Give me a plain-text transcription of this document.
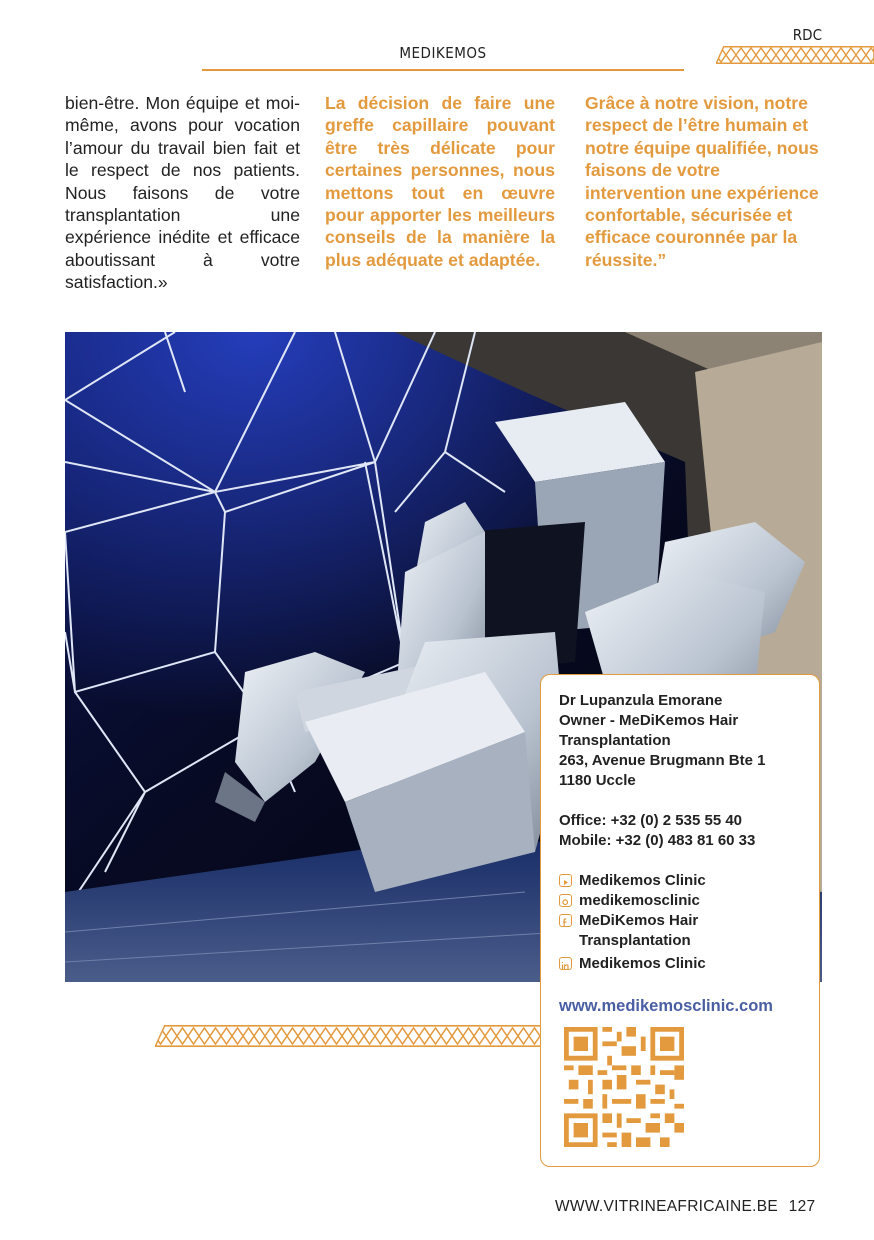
MEDIKEMOS
RDC
bien-être. Mon équipe et moi-même, avons pour vocation l’amour du travail bien fait et le respect de nos patients. Nous faisons de votre transplantation une expérience inédite et efficace aboutissant à votre satisfaction.»
La décision de faire une greffe capillaire pouvant être très délicate pour certaines personnes, nous mettons tout en œuvre pour apporter les meilleurs conseils de la manière la plus adéquate et adaptée.
Grâce à notre vision, notre respect de l’être humain et notre équipe qualifiée, nous faisons de votre intervention une expérience confortable, sécurisée et efficace couronnée par la réussite.”
Dr Lupanzula Emorane
Owner - MeDiKemos Hair
Transplantation
263, Avenue Brugmann Bte 1
1180 Uccle
Office: +32 (0) 2 535 55 40
Mobile: +32 (0) 483 81 60 33
Medikemos Clinic
medikemosclinic
MeDiKemos Hair
Transplantation
Medikemos Clinic
www.medikemosclinic.com
WWW.VITRINEAFRICAINE.BE 127
